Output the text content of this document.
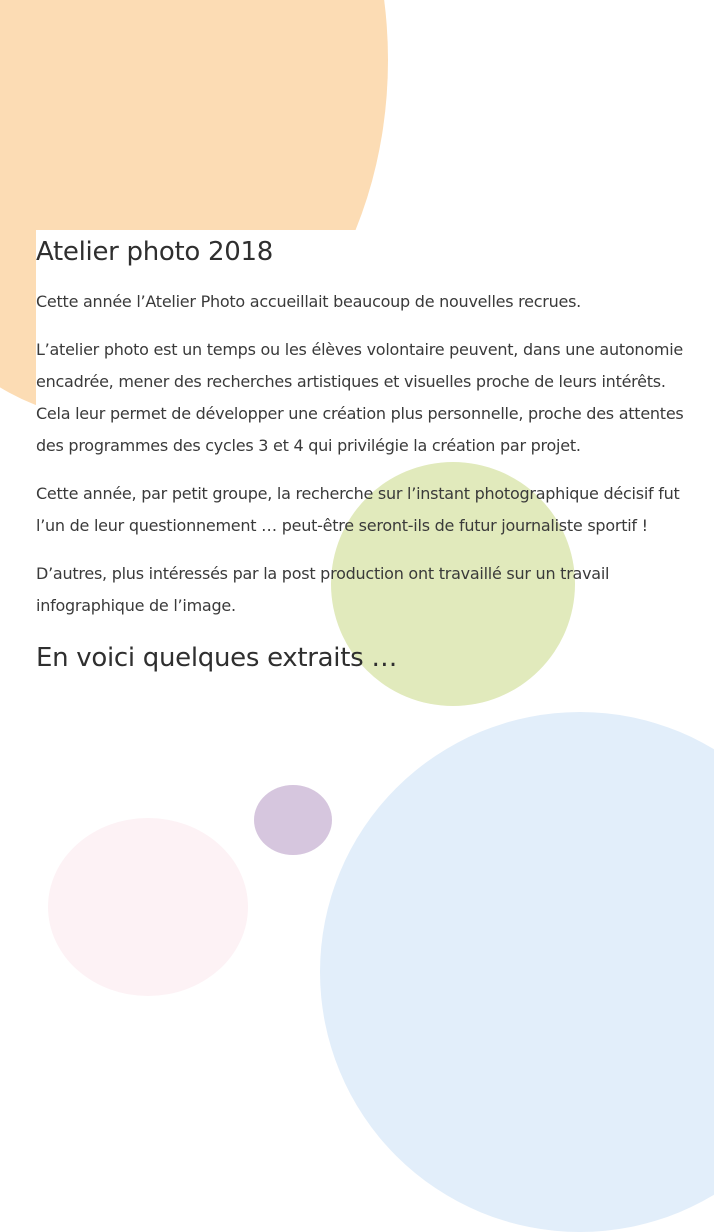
Atelier photo 2018

Cette année l’Atelier Photo accueillait beaucoup de nouvelles recrues.

L’atelier photo est un temps ou les élèves volontaire peuvent, dans une autonomie encadrée, mener des recherches artistiques et visuelles proche de leurs intérêts. Cela leur permet de développer une création plus personnelle, proche des attentes des programmes des cycles 3 et 4 qui privilégie la création par projet.

Cette année, par petit groupe, la recherche sur l’instant photographique décisif fut l’un de leur questionnement … peut-être seront-ils de futur journaliste sportif !

D’autres, plus intéressés par la post production ont travaillé sur un travail infographique de l’image.

En voici quelques extraits …
